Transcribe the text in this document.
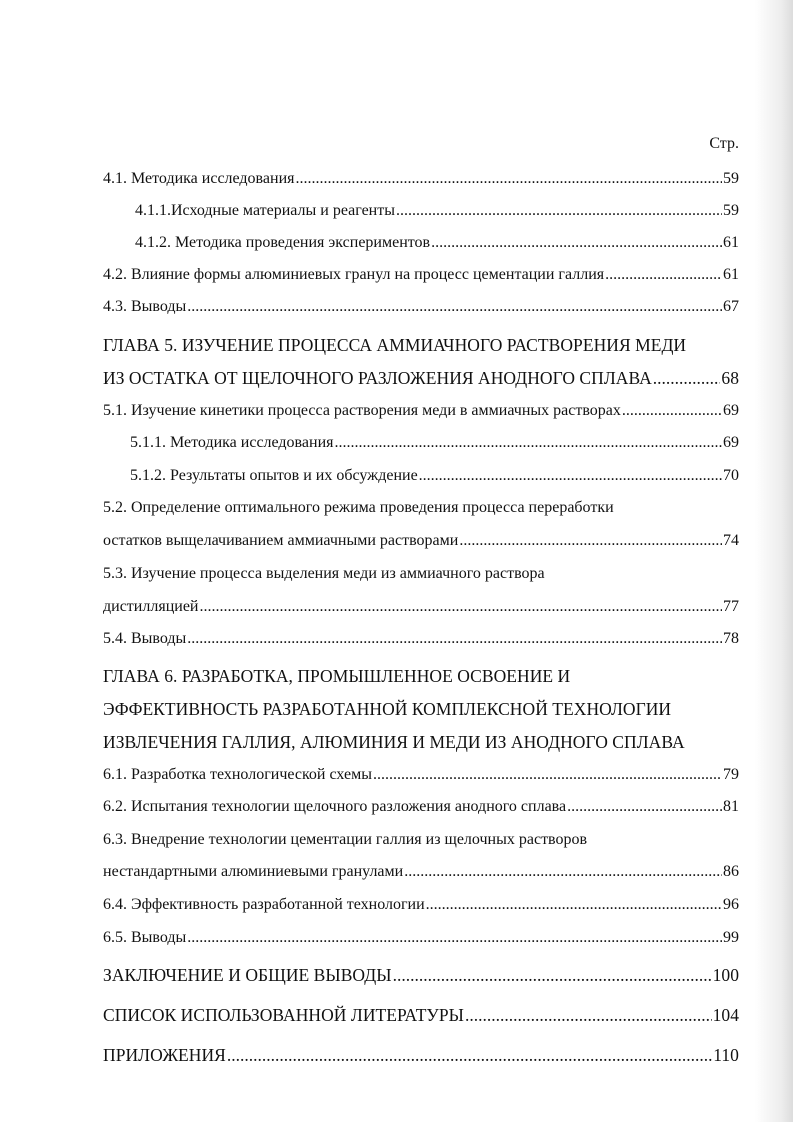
Стр.
4.1. Методика исследования .....	59
4.1.1.Исходные материалы и реагенты .....	59
4.1.2. Методика проведения экспериментов .....	61
4.2. Влияние формы алюминиевых гранул на процесс цементации галлия .....	61
4.3. Выводы .....	67
ГЛАВА 5. ИЗУЧЕНИЕ ПРОЦЕССА АММИАЧНОГО РАСТВОРЕНИЯ МЕДИ
ИЗ ОСТАТКА ОТ ЩЕЛОЧНОГО РАЗЛОЖЕНИЯ АНОДНОГО СПЛАВА .....	68
5.1. Изучение кинетики процесса растворения меди в аммиачных растворах .....	69
5.1.1. Методика исследования .....	69
5.1.2. Результаты опытов и их обсуждение .....	70
5.2. Определение оптимального режима проведения процесса переработки
остатков выщелачиванием аммиачными растворами .....	74
5.3. Изучение процесса выделения меди из аммиачного раствора
дистилляцией .....	77
5.4. Выводы .....	78
ГЛАВА 6. РАЗРАБОТКА, ПРОМЫШЛЕННОЕ ОСВОЕНИЕ И
ЭФФЕКТИВНОСТЬ РАЗРАБОТАННОЙ КОМПЛЕКСНОЙ ТЕХНОЛОГИИ
ИЗВЛЕЧЕНИЯ ГАЛЛИЯ, АЛЮМИНИЯ И МЕДИ ИЗ АНОДНОГО СПЛАВА
6.1. Разработка технологической схемы .....	79
6.2. Испытания технологии щелочного разложения анодного сплава .....	81
6.3. Внедрение технологии цементации галлия из щелочных растворов
нестандартными алюминиевыми гранулами .....	86
6.4. Эффективность разработанной технологии .....	96
6.5. Выводы .....	99
ЗАКЛЮЧЕНИЕ И ОБЩИЕ ВЫВОДЫ .....	100
СПИСОК ИСПОЛЬЗОВАННОЙ ЛИТЕРАТУРЫ .....	104
ПРИЛОЖЕНИЯ .....	110
